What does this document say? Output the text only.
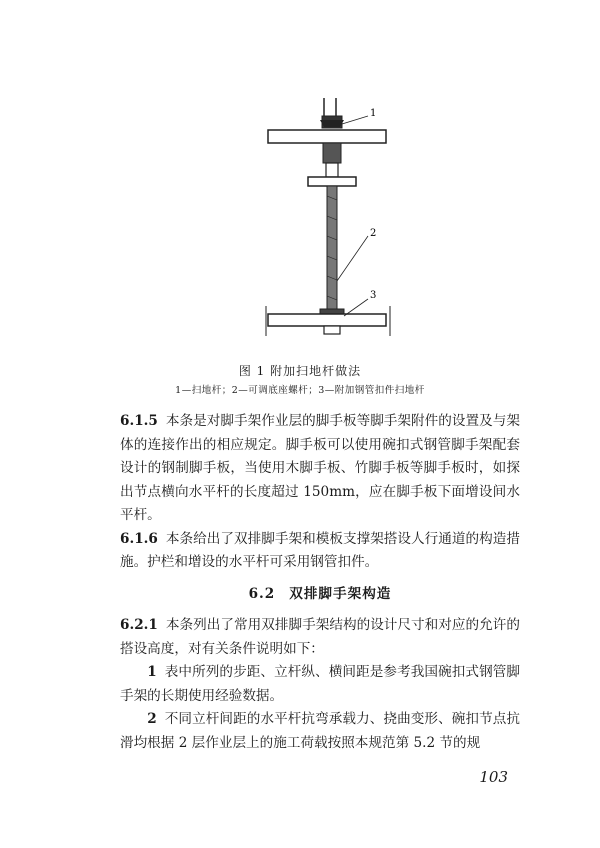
1
2
3
图 1 附加扫地杆做法
1—扫地杆；2—可调底座螺杆；3—附加钢管扣件扫地杆

6.1.5 本条是对脚手架作业层的脚手板等脚手架附件的设置及与架体的连接作出的相应规定。脚手板可以使用碗扣式钢管脚手架配套设计的钢制脚手板，当使用木脚手板、竹脚手板等脚手板时，如探出节点横向水平杆的长度超过 150mm，应在脚手板下面增设间水平杆。

6.1.6 本条给出了双排脚手架和模板支撑架搭设人行通道的构造措施。护栏和增设的水平杆可采用钢管扣件。

6.2 双排脚手架构造

6.2.1 本条列出了常用双排脚手架结构的设计尺寸和对应的允许的搭设高度，对有关条件说明如下：

1 表中所列的步距、立杆纵、横间距是参考我国碗扣式钢管脚手架的长期使用经验数据。

2 不同立杆间距的水平杆抗弯承载力、挠曲变形、碗扣节点抗滑均根据 2 层作业层上的施工荷载按照本规范第 5.2 节的规

103
